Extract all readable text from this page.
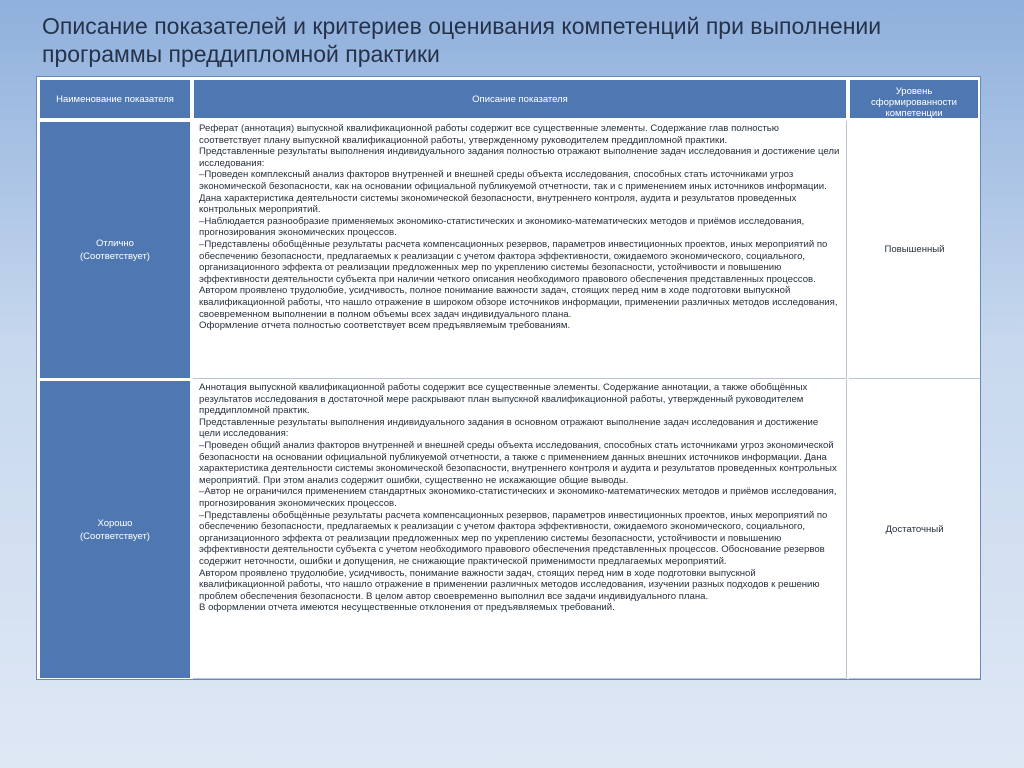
Описание показателей и критериев оценивания компетенций при выполнении программы преддипломной практики
Наименование показателя	Описание показателя
Уровень сформированности компетенции
Отлично
(Соответствует)

Реферат (аннотация) выпускной квалификационной работы содержит все существенные элементы. Содержание глав полностью соответствует плану выпускной квалификационной работы, утвержденному руководителем преддипломной практики.

Представленные результаты выполнения индивидуального задания полностью отражают выполнение задач исследования и достижение цели исследования:

–Проведен комплексный анализ факторов внутренней и внешней среды объекта исследования, способных стать источниками угроз экономической безопасности, как на основании официальной публикуемой отчетности, так и с применением иных источников информации. Дана характеристика деятельности системы экономической безопасности, внутреннего контроля, аудита и результатов проведенных контрольных мероприятий.

–Наблюдается разнообразие применяемых экономико-статистических и экономико-математических методов и приёмов исследования, прогнозирования экономических процессов.

–Представлены обобщённые результаты расчета компенсационных резервов, параметров инвестиционных проектов, иных мероприятий по обеспечению безопасности, предлагаемых к реализации с учетом фактора эффективности, ожидаемого экономического, социального, организационного эффекта от реализации предложенных мер по укреплению системы безопасности, устойчивости и повышению эффективности деятельности субъекта при наличии четкого описания необходимого правового обеспечения представленных процессов.

Автором проявлено трудолюбие, усидчивость, полное понимание важности задач, стоящих перед ним в ходе подготовки выпускной квалификационной работы, что нашло отражение в широком обзоре источников информации, применении различных методов исследования, своевременном выполнении в полном объемы всех задач индивидуального плана.

Оформление отчета полностью соответствует всем предъявляемым требованиям.

Повышенный
Хорошо
(Соответствует)

Аннотация выпускной квалификационной работы содержит все существенные элементы. Содержание аннотации, а также обобщённых результатов исследования в достаточной мере раскрывают план выпускной квалификационной работы, утвержденный руководителем преддипломной практик.

Представленные результаты выполнения индивидуального задания в основном отражают выполнение задач исследования и достижение цели исследования:

–Проведен общий анализ факторов внутренней и внешней среды объекта исследования, способных стать источниками угроз экономической безопасности на основании официальной публикуемой отчетности, а также с применением данных внешних источников информации. Дана характеристика деятельности системы экономической безопасности, внутреннего контроля и аудита и результатов проведенных контрольных мероприятий. При этом анализ содержит ошибки, существенно не искажающие общие выводы.

–Автор не ограничился применением стандартных экономико-статистических и экономико-математических методов и приёмов исследования, прогнозирования экономических процессов.

–Представлены обобщённые результаты расчета компенсационных резервов, параметров инвестиционных проектов, иных мероприятий по обеспечению безопасности, предлагаемых к реализации с учетом фактора эффективности, ожидаемого экономического, социального, организационного эффекта от реализации предложенных мер по укреплению системы безопасности, устойчивости и повышению эффективности деятельности субъекта с учетом необходимого правового обеспечения представленных процессов. Обоснование резервов содержит неточности, ошибки и допущения, не снижающие практической применимости предлагаемых мероприятий.

Автором проявлено трудолюбие, усидчивость, понимание важности задач, стоящих перед ним в ходе подготовки выпускной квалификационной работы, что нашло отражение в применении различных методов исследования, изучении разных подходов к решению проблем обеспечения безопасности. В целом автор своевременно выполнил все задачи индивидуального плана.

В оформлении отчета имеются несущественные отклонения от предъявляемых требований.

Достаточный
